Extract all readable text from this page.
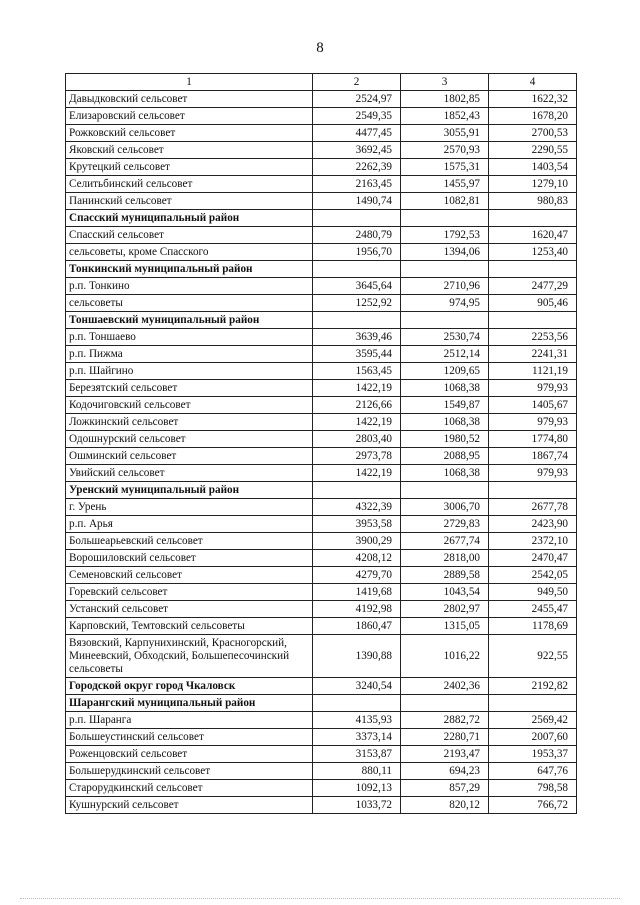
8
1	2	3	4
Давыдковский сельсовет	2524,97	1802,85	1622,32
Елизаровский сельсовет	2549,35	1852,43	1678,20
Рожковский сельсовет	4477,45	3055,91	2700,53
Яковский сельсовет	3692,45	2570,93	2290,55
Крутецкий сельсовет	2262,39	1575,31	1403,54
Селитьбинский сельсовет	2163,45	1455,97	1279,10
Панинский сельсовет	1490,74	1082,81	980,83
Спасский муниципальный район			
Спасский сельсовет	2480,79	1792,53	1620,47
сельсоветы, кроме Спасского	1956,70	1394,06	1253,40
Тонкинский муниципальный район			
р.п. Тонкино	3645,64	2710,96	2477,29
сельсоветы	1252,92	974,95	905,46
Тоншаевский муниципальный район			
р.п. Тоншаево	3639,46	2530,74	2253,56
р.п. Пижма	3595,44	2512,14	2241,31
р.п. Шайгино	1563,45	1209,65	1121,19
Березятский сельсовет	1422,19	1068,38	979,93
Кодочиговский сельсовет	2126,66	1549,87	1405,67
Ложкинский сельсовет	1422,19	1068,38	979,93
Одошнурский сельсовет	2803,40	1980,52	1774,80
Ошминский сельсовет	2973,78	2088,95	1867,74
Увийский сельсовет	1422,19	1068,38	979,93
Уренский муниципальный район			
г. Урень	4322,39	3006,70	2677,78
р.п. Арья	3953,58	2729,83	2423,90
Большеарьевский сельсовет	3900,29	2677,74	2372,10
Ворошиловский сельсовет	4208,12	2818,00	2470,47
Семеновский сельсовет	4279,70	2889,58	2542,05
Горевский сельсовет	1419,68	1043,54	949,50
Устанский сельсовет	4192,98	2802,97	2455,47
Карповский, Темтовский сельсоветы	1860,47	1315,05	1178,69
Вязовский, Карпунихинский, Красногорский, Минеевский, Обходский, Большепесочинский сельсоветы	1390,88	1016,22	922,55
Городской округ город Чкаловск	3240,54	2402,36	2192,82
Шарангский муниципальный район			
р.п. Шаранга	4135,93	2882,72	2569,42
Большеустинский сельсовет	3373,14	2280,71	2007,60
Роженцовский сельсовет	3153,87	2193,47	1953,37
Большерудкинский сельсовет	880,11	694,23	647,76
Старорудкинский сельсовет	1092,13	857,29	798,58
Кушнурский сельсовет	1033,72	820,12	766,72
